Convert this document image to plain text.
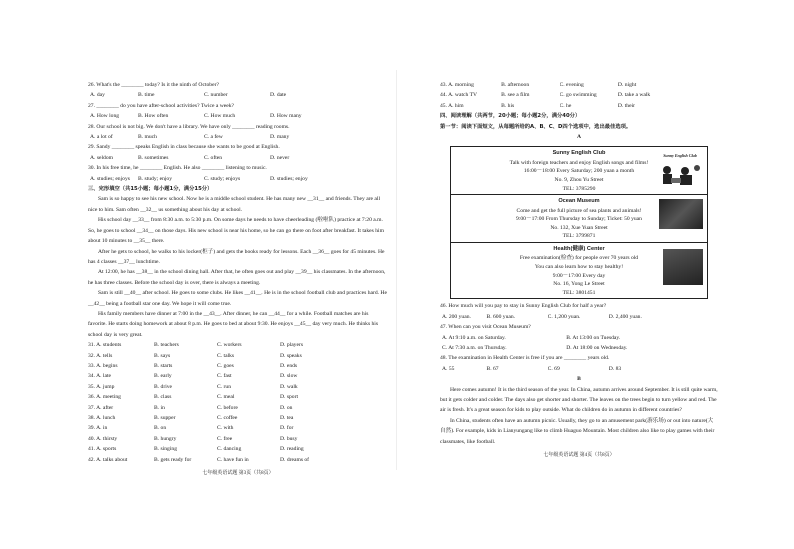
26. What's the ________ today? Is it the ninth of October?
A. day	B. time	C. number	D. date
27. ________ do you have after-school activities? Twice a week?
A. How long	B. How often	C. How much	D. How many
28. Our school is not big. We don't have a library. We have only ________ reading rooms.
A. a lot of	B. much	C. a few	D. many
29. Sandy ________ speaks English in class because she wants to be good at English.
A. seldom	B. sometimes	C. often	D. never
30. In his free time, he ________ English. He also ________ listening to music.
A. studies; enjoys	B. study; enjoy	C. study; enjoys	D. studies; enjoy
三、完形填空（共15小题；每小题1分，满分15分）
Sam is so happy to see his new school. Now he is a middle school student. He has many new __31__ and friends. They are all nice to him. Sam often __32__ us something about his day at school.
His school day __33__ from 8:30 a.m. to 5:30 p.m. On some days he needs to have cheerleading (啦啦队) practice at 7:20 a.m. So, he goes to school __34__ on those days. His new school is near his home, so he can go there on foot after breakfast. It takes him about 10 minutes to __35__ there.
After he gets to school, he walks to his locker(柜子) and gets the books ready for lessons. Each __36__ goes for 45 minutes. He has 4 classes __37__ lunchtime.
At 12:00, he has __38__ in the school dining hall. After that, he often goes out and play __39__ his classmates. In the afternoon, he has three classes. Before the school day is over, there is always a meeting.
Sam is still __40__ after school. He goes to some clubs. He likes __41__. He is in the school football club and practices hard. He __42__ being a football star one day. We hope it will come true.
His family members have dinner at 7:00 in the __43__. After dinner, he can __44__ for a while. Football matches are his favorite. He starts doing homework at about 8 p.m. He goes to bed at about 9:30. He enjoys __45__ day very much. He thinks his school day is very great.
31. A. students	B. teachers	C. workers	D. players
32. A. tells	B. says	C. talks	D. speaks
33. A. begins	B. starts	C. goes	D. ends
34. A. late	B. early	C. fast	D. slow
35. A. jump	B. drive	C. run	D. walk
36. A. meeting	B. class	C. meal	D. sport
37. A. after	B. in	C. before	D. on
38. A. lunch	B. supper	C. coffee	D. tea
39. A. in	B. on	C. with	D. for
40. A. thirsty	B. hungry	C. free	D. busy
41. A. sports	B. singing	C. dancing	D. reading
42. A. talks about	B. gets ready for	C. have fun in	D. dreams of
七年级英语试题 第3页（共8页）
43. A. morning	B. afternoon	C. evening	D. night
44. A. watch TV	B. see a film	C. go swimming	D. take a walk
45. A. him	B. his	C. he	D. their
四、阅读理解（共两节，20小题；每小题2分，满分40分）
第一节：阅读下面短文，从每题所给的A、B、C、D四个选项中，选出最佳选项。
A
Sunny English Club
Talk with foreign teachers and enjoy English songs and films!
16:00－18:00 Every Saturday; 200 yuan a month
No. 9, Zhou Yu Street
TEL: 3785290
Sunny English Club
Ocean Museum
Come and get the full picture of sea plants and animals!
9:00－17:00 From Thursday to Sunday; Ticket: 50 yuan
No. 132, Xue Yuan Street
TEL: 3799871
Health(健康) Center
Free examination(检查) for people over 70 years old
You can also learn how to stay healthy!
9:00－17:00 Every day
No. 16, Yong Le Street
TEL: 3801451
46. How much will you pay to stay in Sunny English Club for half a year?
A. 200 yuan.	B. 600 yuan.	C. 1,200 yuan.	D. 2,400 yuan.
47. When can you visit Ocean Museum?
A. At 9:10 a.m. on Saturday.	B. At 13:00 on Tuesday.
C. At 7:30 a.m. on Thursday.	D. At 18:00 on Wednesday.
48. The examination in Health Center is free if you are ________ years old.
A. 55	B. 67	C. 69	D. 83
B
Here comes autumn! It is the third season of the year. In China, autumn arrives around September. It is still quite warm, but it gets colder and colder. The days also get shorter and shorter. The leaves on the trees begin to turn yellow and red. The air is fresh. It's a great season for kids to play outside. What do children do in autumn in different countries?
In China, students often have an autumn picnic. Usually, they go to an amusement park(游乐场) or out into nature(大自然). For example, kids in Lianyungang like to climb Huaguo Mountain. Most children also like to play games with their classmates, like football.
七年级英语试题 第4页（共8页）
